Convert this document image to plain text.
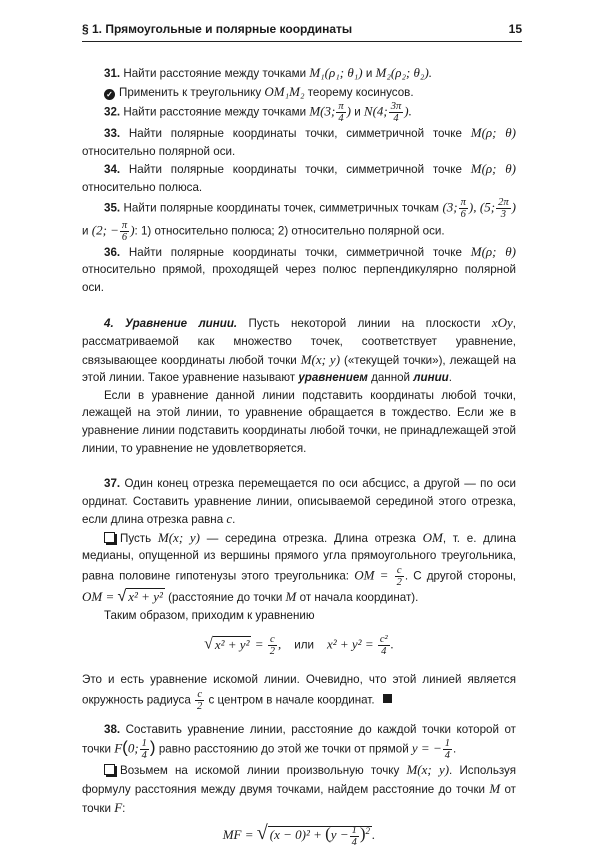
§ 1. Прямоугольные и полярные координаты	15

31. Найти расстояние между точками M₁(ρ₁; θ₁) и M₂(ρ₂; θ₂).

✓ Применить к треугольнику OM₁M₂ теорему косинусов.

32. Найти расстояние между точками M(3; $\frac{\pi}{4}$ ) и N(4; $\frac{3\pi}{4}$ ).

33. Найти полярные координаты точки, симметричной точке M(ρ; θ) относительно полярной оси.

34. Найти полярные координаты точки, симметричной точке M(ρ; θ) относительно полюса.

35. Найти полярные координаты точек, симметричных точкам (3; $\frac{\pi}{6}$ ), (5; $\frac{2\pi}{3}$ ) и (2; − $\frac{\pi}{6}$ ): 1) относительно полюса; 2) относительно полярной оси.

36. Найти полярные координаты точки, симметричной точке M(ρ; θ) относительно прямой, проходящей через полюс перпендикулярно полярной оси.

4. Уравнение линии. Пусть некоторой линии на плоскости xOy, рассматриваемой как множество точек, соответствует уравнение, связывающее координаты любой точки M(x; y) («текущей точки»), лежащей на этой линии. Такое уравнение называют уравнением данной линии.

Если в уравнение данной линии подставить координаты любой точки, лежащей на этой линии, то уравнение обращается в тождество. Если же в уравнение линии подставить координаты любой точки, не принадлежащей этой линии, то уравнение не удовлетворяется.

37. Один конец отрезка перемещается по оси абсцисс, а другой — по оси ординат. Составить уравнение линии, описываемой серединой этого отрезка, если длина отрезка равна c.

Пусть M(x; y) — середина отрезка. Длина отрезка OM, т. е. длина медианы, опущенной из вершины прямого угла прямоугольного треугольника, равна половине гипотенузы этого треугольника: OM = $\frac{c}{2}$ . С другой стороны, OM = √ x² + y² (расстояние до точки M от начала координат).

Таким образом, приходим к уравнению

√ $x^2 + y^2 = \frac{c}{2}$ ,    или $x^2 + y^2 = \frac{\text{c²}}{4}$ .

Это и есть уравнение искомой линии. Очевидно, что этой линией является окружность радиуса $\frac{c}{2}$ с центром в начале координат.

38. Составить уравнение линии, расстояние до каждой точки которой от точки F(0; $\frac{1}{4}$ ) равно расстоянию до этой же точки от прямой y = − $\frac{1}{4}$ .

Возьмем на искомой линии произвольную точку M(x; y). Используя формулу расстояния между двумя точками, найдем расстояние до точки M от точки F:

MF = √ $(x - 0)^2 + (y - \frac{1}{4} )^2$ .
